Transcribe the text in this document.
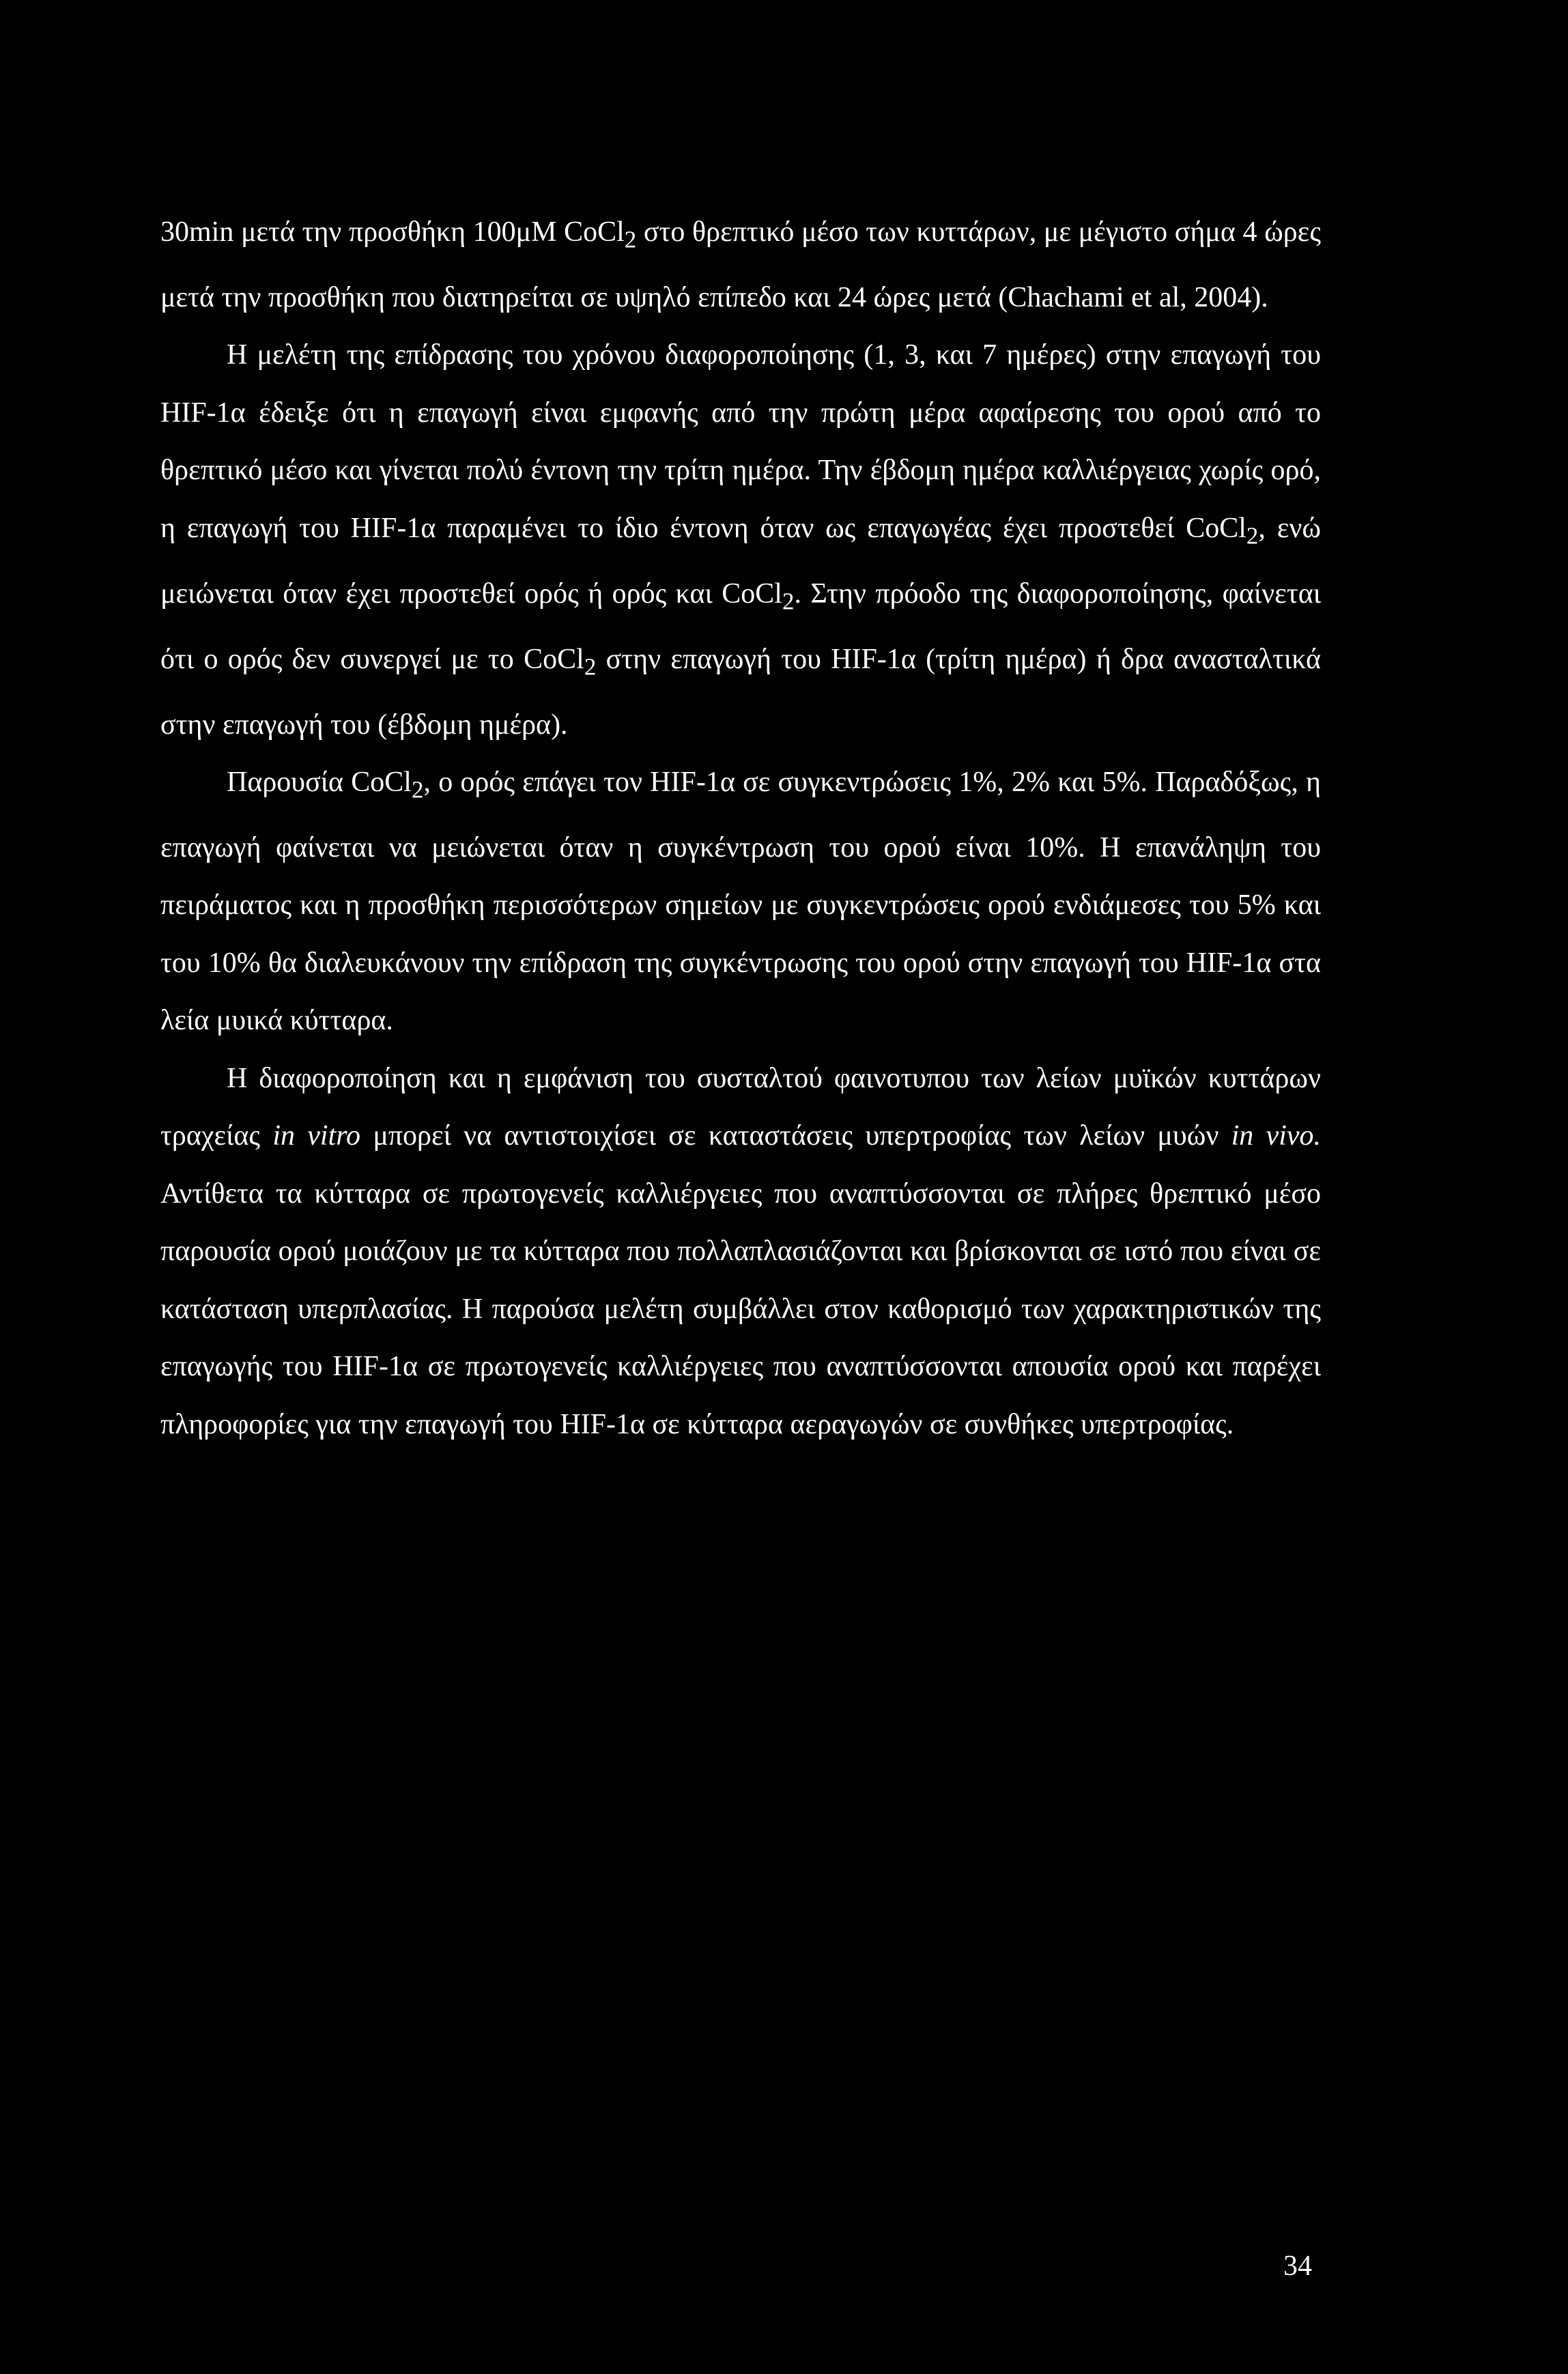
30min μετά την προσθήκη 100μΜ CoCl$_2$ στο θρεπτικό μέσο των κυττάρων, με μέγιστο σήμα 4 ώρες μετά την προσθήκη που διατηρείται σε υψηλό επίπεδο και 24 ώρες μετά (Chachami et al, 2004).

Η μελέτη της επίδρασης του χρόνου διαφοροποίησης (1, 3, και 7 ημέρες) στην επαγωγή του HIF-1α έδειξε ότι η επαγωγή είναι εμφανής από την πρώτη μέρα αφαίρεσης του ορού από το θρεπτικό μέσο και γίνεται πολύ έντονη την τρίτη ημέρα. Την έβδομη ημέρα καλλιέργειας χωρίς ορό, η επαγωγή του HIF-1α παραμένει το ίδιο έντονη όταν ως επαγωγέας έχει προστεθεί CoCl$_2$, ενώ μειώνεται όταν έχει προστεθεί ορός ή ορός και CoCl$_2$. Στην πρόοδο της διαφοροποίησης, φαίνεται ότι ο ορός δεν συνεργεί με το CoCl$_2$ στην επαγωγή του HIF-1α (τρίτη ημέρα) ή δρα ανασταλτικά στην επαγωγή του (έβδομη ημέρα).

Παρουσία CoCl$_2$, ο ορός επάγει τον HIF-1α σε συγκεντρώσεις 1%, 2% και 5%. Παραδόξως, η επαγωγή φαίνεται να μειώνεται όταν η συγκέντρωση του ορού είναι 10%. Η επανάληψη του πειράματος και η προσθήκη περισσότερων σημείων με συγκεντρώσεις ορού ενδιάμεσες του 5% και του 10% θα διαλευκάνουν την επίδραση της συγκέντρωσης του ορού στην επαγωγή του HIF-1α στα λεία μυικά κύτταρα.

Η διαφοροποίηση και η εμφάνιση του συσταλτού φαινοτυπου των λείων μυϊκών κυττάρων τραχείας in vitro μπορεί να αντιστοιχίσει σε καταστάσεις υπερτροφίας των λείων μυών in vivo. Αντίθετα τα κύτταρα σε πρωτογενείς καλλιέργειες που αναπτύσσονται σε πλήρες θρεπτικό μέσο παρουσία ορού μοιάζουν με τα κύτταρα που πολλαπλασιάζονται και βρίσκονται σε ιστό που είναι σε κατάσταση υπερπλασίας. Η παρούσα μελέτη συμβάλλει στον καθορισμό των χαρακτηριστικών της επαγωγής του HIF-1α σε πρωτογενείς καλλιέργειες που αναπτύσσονται απουσία ορού και παρέχει πληροφορίες για την επαγωγή του HIF-1α σε κύτταρα αεραγωγών σε συνθήκες υπερτροφίας.

34
